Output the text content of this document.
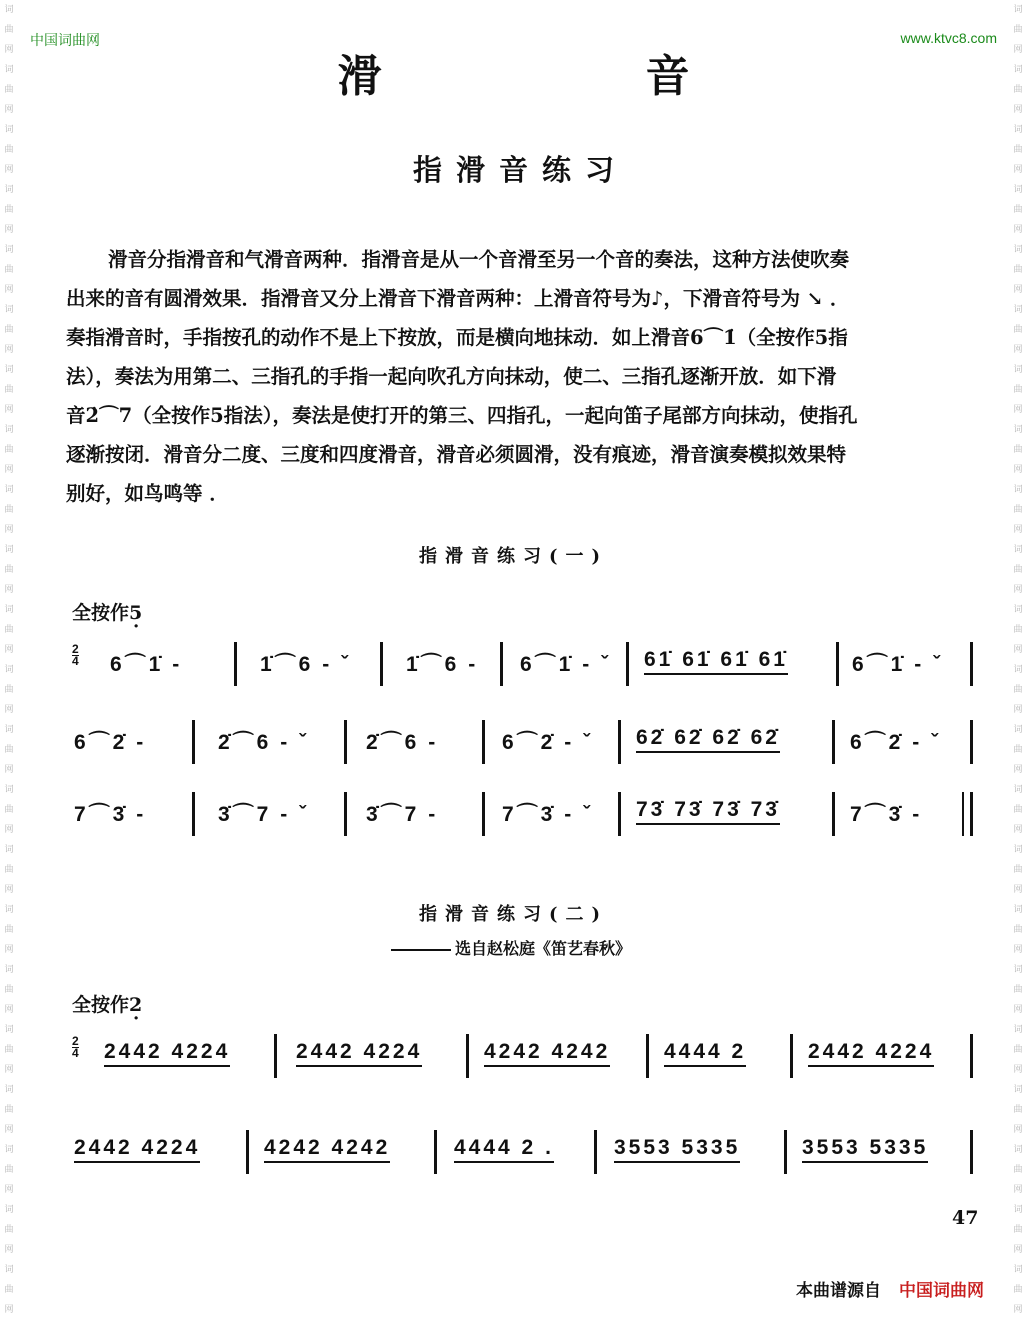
词
曲
网
词
曲
网
词
曲
网
词
曲
网
词
曲
网
词
曲
网
词
曲
网
词
曲
网
词
曲
网
词
曲
网
词
曲
网
词
曲
网
词
曲
网
词
曲
网
词
曲
网
词
曲
网
词
曲
网
词
曲
网
词
曲
网
词
曲
网
词
曲
网
词
曲
网
词
曲
网
词
曲
网
词
曲
网
词
曲
网
词
曲
网
词
曲
网
词
曲
网
词
曲
网
词
曲
网
词
曲
网
词
曲
网
词
曲
网
词
曲
网
词
曲
网
词
曲
网
词
曲
网
词
曲
网
词
曲
网
词
曲
网
词
曲
网
词
曲
网
词
曲
网
中国词曲网	www.ktvc8.com
滑　音
指滑音练习

滑音分指滑音和气滑音两种．指滑音是从一个音滑至另一个音的奏法，这种方法使吹奏

出来的音有圆滑效果．指滑音又分上滑音下滑音两种：上滑音符号为♪，下滑音符号为 ↘ ．

奏指滑音时，手指按孔的动作不是上下按放，而是横向地抹动．如上滑音6⌒1̇（全按作5指

法），奏法为用第二、三指孔的手指一起向吹孔方向抹动，使二、三指孔逐渐开放．如下滑

音2̇⌒7（全按作5指法），奏法是使打开的第三、四指孔，一起向笛子尾部方向抹动，使指孔

逐渐按闭．滑音分二度、三度和四度滑音，滑音必须圆滑，没有痕迹，滑音演奏模拟效果特

别好，如鸟鸣等 ．

指滑音练习(一)
全按作5 ·
2
4 6⌒1̇ -	1̇⌒6 - ˇ	1̇⌒6 - 6⌒1̇ - ˇ 61̇ 61̇ 61̇ 61̇	6⌒1̇ - ˇ
6⌒2̇ -	2̇⌒6 - ˇ	2̇⌒6 -	6⌒2̇ - ˇ 62̇ 62̇ 62̇ 62̇	6⌒2̇ - ˇ
7⌒3̇ -	3̇⌒7 - ˇ	3̇⌒7 -	7⌒3̇ - ˇ 73̇ 73̇ 73̇ 73̇	7⌒3̇ -
指滑音练习(二)
选自赵松庭《笛艺春秋》
全按作2 ·
2
4 2442 4224	2442 4224	4242 4242	4444 2	2442 4224
2442 4224	4242 4242	4444 2 .	3553 5335	3553 5335
47
本曲谱源自 中国词曲网
